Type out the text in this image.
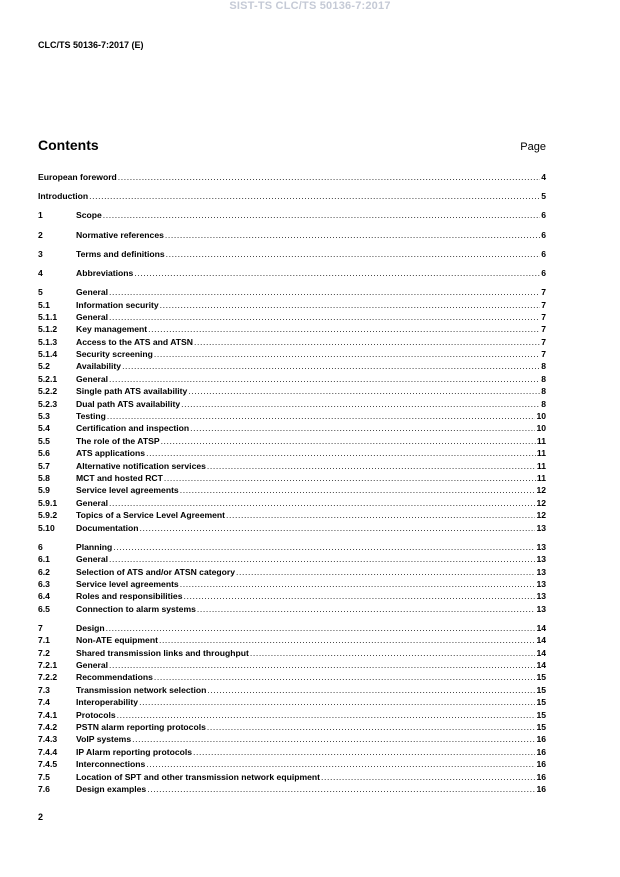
SIST-TS CLC/TS 50136-7:2017
CLC/TS 50136-7:2017 (E)
Contents	Page
European foreword .....	4
Introduction .....	5
1	Scope .....	6
2	Normative references .....	6
3	Terms and definitions .....	6
4	Abbreviations .....	6
5	General .....	7
5.1	Information security .....	7
5.1.1	General .....	7
5.1.2	Key management .....	7
5.1.3	Access to the ATS and ATSN .....	7
5.1.4	Security screening .....	7
5.2	Availability .....	8
5.2.1	General .....	8
5.2.2	Single path ATS availability .....	8
5.2.3	Dual path ATS availability .....	8
5.3	Testing .....	10
5.4	Certification and inspection .....	10
5.5	The role of the ATSP .....	11
5.6	ATS applications .....	11
5.7	Alternative notification services .....	11
5.8	MCT and hosted RCT .....	11
5.9	Service level agreements .....	12
5.9.1	General .....	12
5.9.2	Topics of a Service Level Agreement .....	12
5.10	Documentation .....	13
6	Planning .....	13
6.1	General .....	13
6.2	Selection of ATS and/or ATSN category .....	13
6.3	Service level agreements .....	13
6.4	Roles and responsibilities .....	13
6.5	Connection to alarm systems .....	13
7	Design .....	14
7.1	Non-ATE equipment .....	14
7.2	Shared transmission links and throughput .....	14
7.2.1	General .....	14
7.2.2	Recommendations .....	15
7.3	Transmission network selection .....	15
7.4	Interoperability .....	15
7.4.1	Protocols .....	15
7.4.2	PSTN alarm reporting protocols .....	15
7.4.3	VoIP systems .....	16
7.4.4	IP Alarm reporting protocols .....	16
7.4.5	Interconnections .....	16
7.5	Location of SPT and other transmission network equipment .....	16
7.6	Design examples .....	16
2
